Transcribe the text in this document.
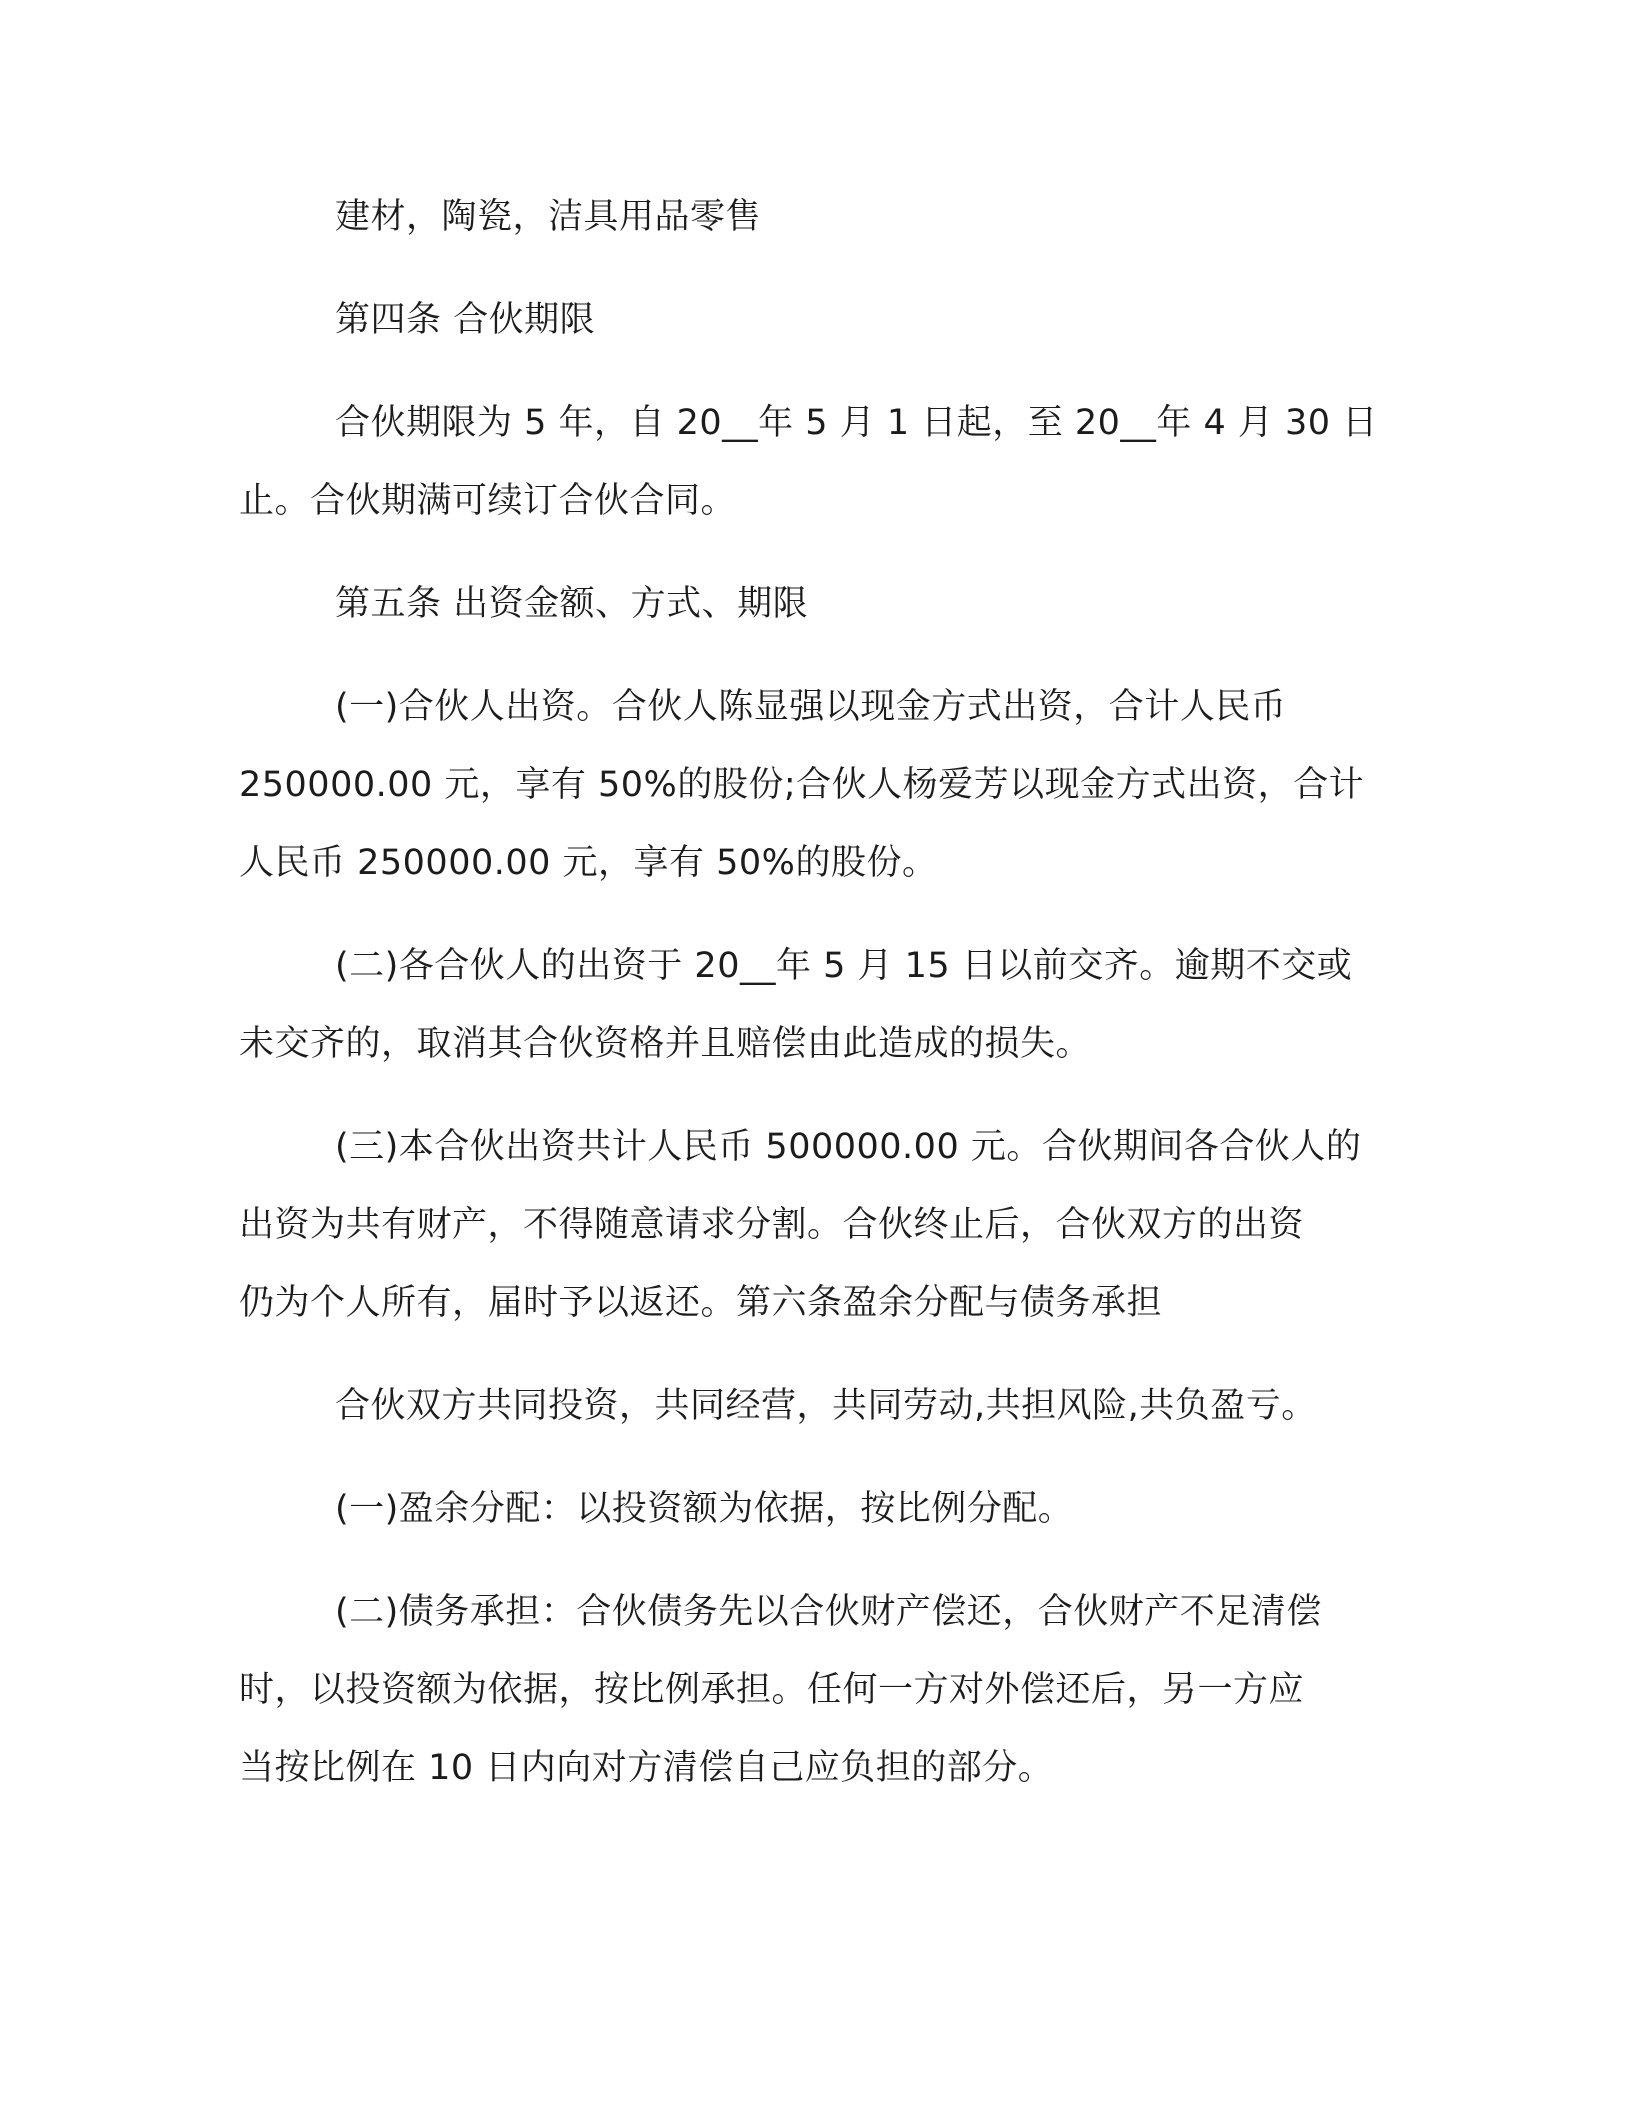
建材，陶瓷，洁具用品零售
第四条 合伙期限
合伙期限为 5 年，自 20__年 5 月 1 日起，至 20__年 4 月 30 日
止。合伙期满可续订合伙合同。
第五条 出资金额、方式、期限
(一)合伙人出资。合伙人陈显强以现金方式出资，合计人民币
250000.00 元，享有 50%的股份;合伙人杨爱芳以现金方式出资，合计
人民币 250000.00 元，享有 50%的股份。
(二)各合伙人的出资于 20__年 5 月 15 日以前交齐。逾期不交或
未交齐的，取消其合伙资格并且赔偿由此造成的损失。
(三)本合伙出资共计人民币 500000.00 元。合伙期间各合伙人的
出资为共有财产，不得随意请求分割。合伙终止后，合伙双方的出资
仍为个人所有，届时予以返还。第六条盈余分配与债务承担
合伙双方共同投资，共同经营，共同劳动,共担风险,共负盈亏。
(一)盈余分配：以投资额为依据，按比例分配。
(二)债务承担：合伙债务先以合伙财产偿还，合伙财产不足清偿
时，以投资额为依据，按比例承担。任何一方对外偿还后，另一方应
当按比例在 10 日内向对方清偿自己应负担的部分。
